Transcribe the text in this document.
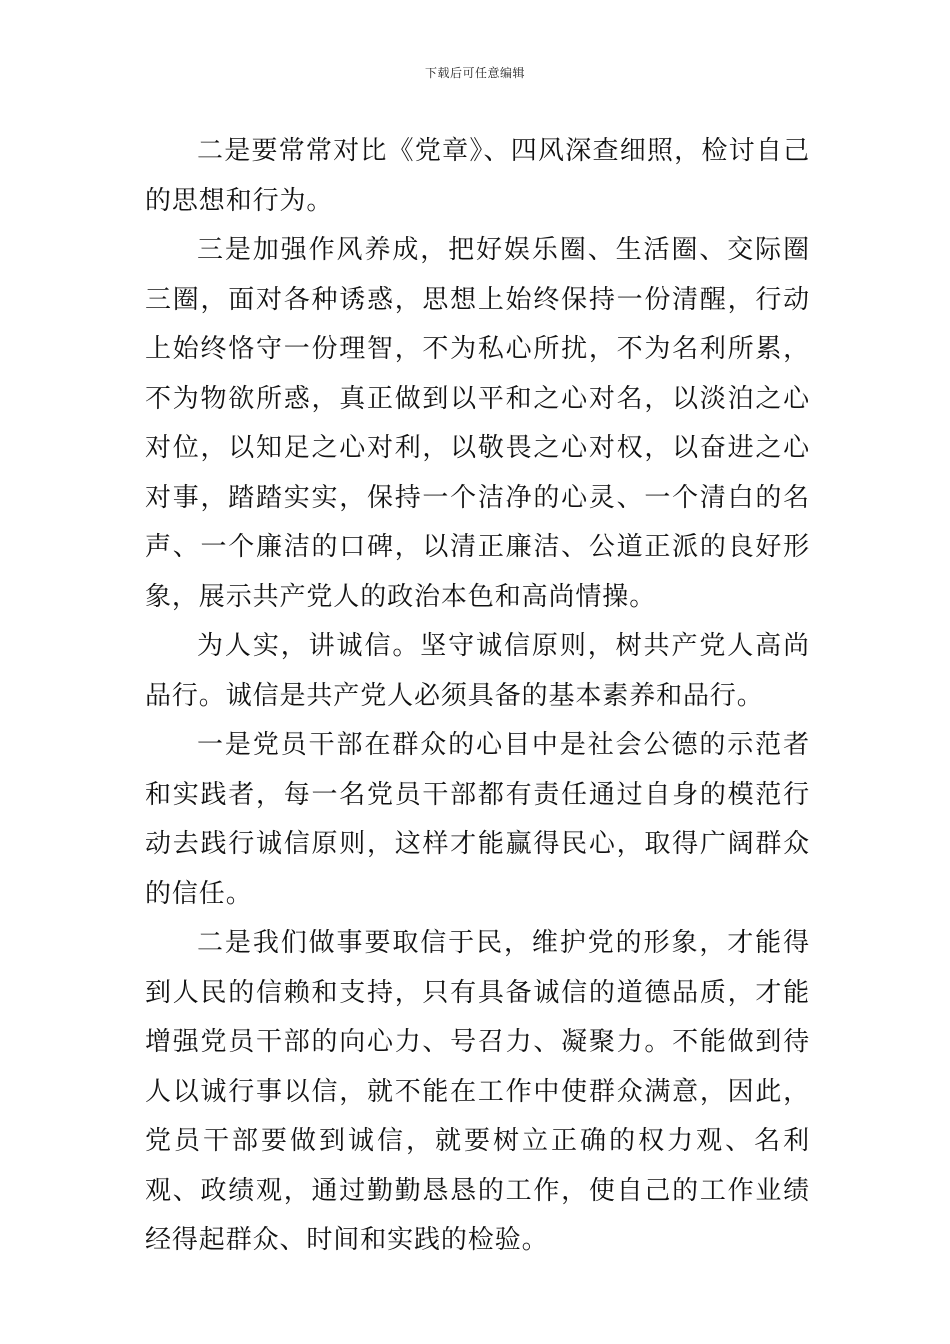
下载后可任意编辑

二是要常常对比《党章》、四风深查细照，检讨自己的思想和行为。

三是加强作风养成，把好娱乐圈、生活圈、交际圈三圈，面对各种诱惑，思想上始终保持一份清醒，行动上始终恪守一份理智，不为私心所扰，不为名利所累，不为物欲所惑，真正做到以平和之心对名，以淡泊之心对位，以知足之心对利，以敬畏之心对权，以奋进之心对事，踏踏实实，保持一个洁净的心灵、一个清白的名声、一个廉洁的口碑，以清正廉洁、公道正派的良好形象，展示共产党人的政治本色和高尚情操。

为人实，讲诚信。坚守诚信原则，树共产党人高尚品行。诚信是共产党人必须具备的基本素养和品行。

一是党员干部在群众的心目中是社会公德的示范者和实践者，每一名党员干部都有责任通过自身的模范行动去践行诚信原则，这样才能赢得民心，取得广阔群众的信任。

二是我们做事要取信于民，维护党的形象，才能得到人民的信赖和支持，只有具备诚信的道德品质，才能增强党员干部的向心力、号召力、凝聚力。不能做到待人以诚行事以信，就不能在工作中使群众满意，因此，党员干部要做到诚信，就要树立正确的权力观、名利观、政绩观，通过勤勤恳恳的工作，使自己的工作业绩经得起群众、时间和实践的检验。
